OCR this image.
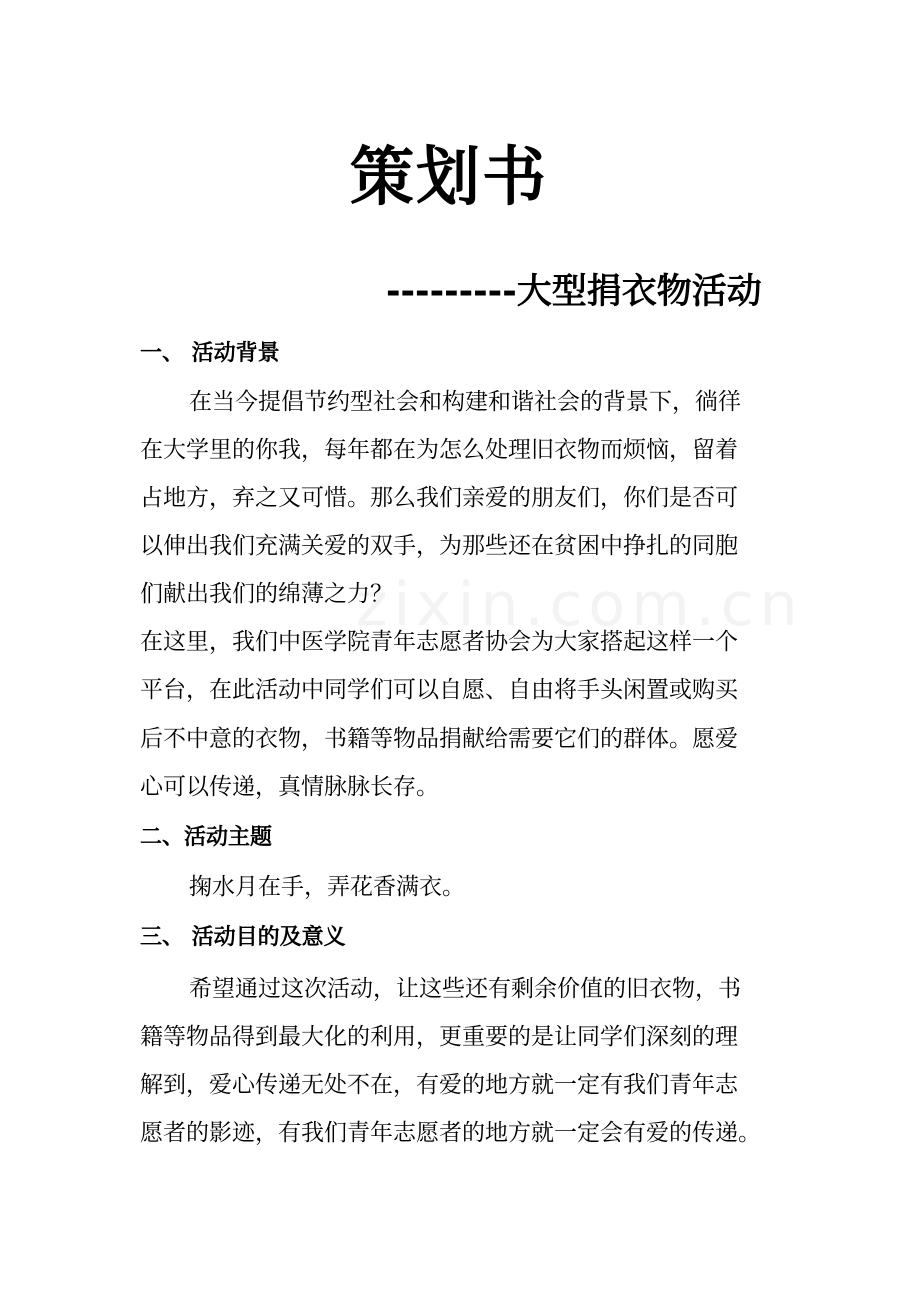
zixin.com.cn
策划书
---------大型捐衣物活动
一、 活动背景
在当今提倡节约型社会和构建和谐社会的背景下，徜徉
在大学里的你我，每年都在为怎么处理旧衣物而烦恼，留着
占地方，弃之又可惜。那么我们亲爱的朋友们，你们是否可
以伸出我们充满关爱的双手，为那些还在贫困中挣扎的同胞
们献出我们的绵薄之力？
在这里，我们中医学院青年志愿者协会为大家搭起这样一个
平台，在此活动中同学们可以自愿、自由将手头闲置或购买
后不中意的衣物，书籍等物品捐献给需要它们的群体。愿爱
心可以传递，真情脉脉长存。
二、活动主题
掬水月在手，弄花香满衣。
三、 活动目的及意义
希望通过这次活动，让这些还有剩余价值的旧衣物，书
籍等物品得到最大化的利用，更重要的是让同学们深刻的理
解到，爱心传递无处不在，有爱的地方就一定有我们青年志
愿者的影迹，有我们青年志愿者的地方就一定会有爱的传递。
